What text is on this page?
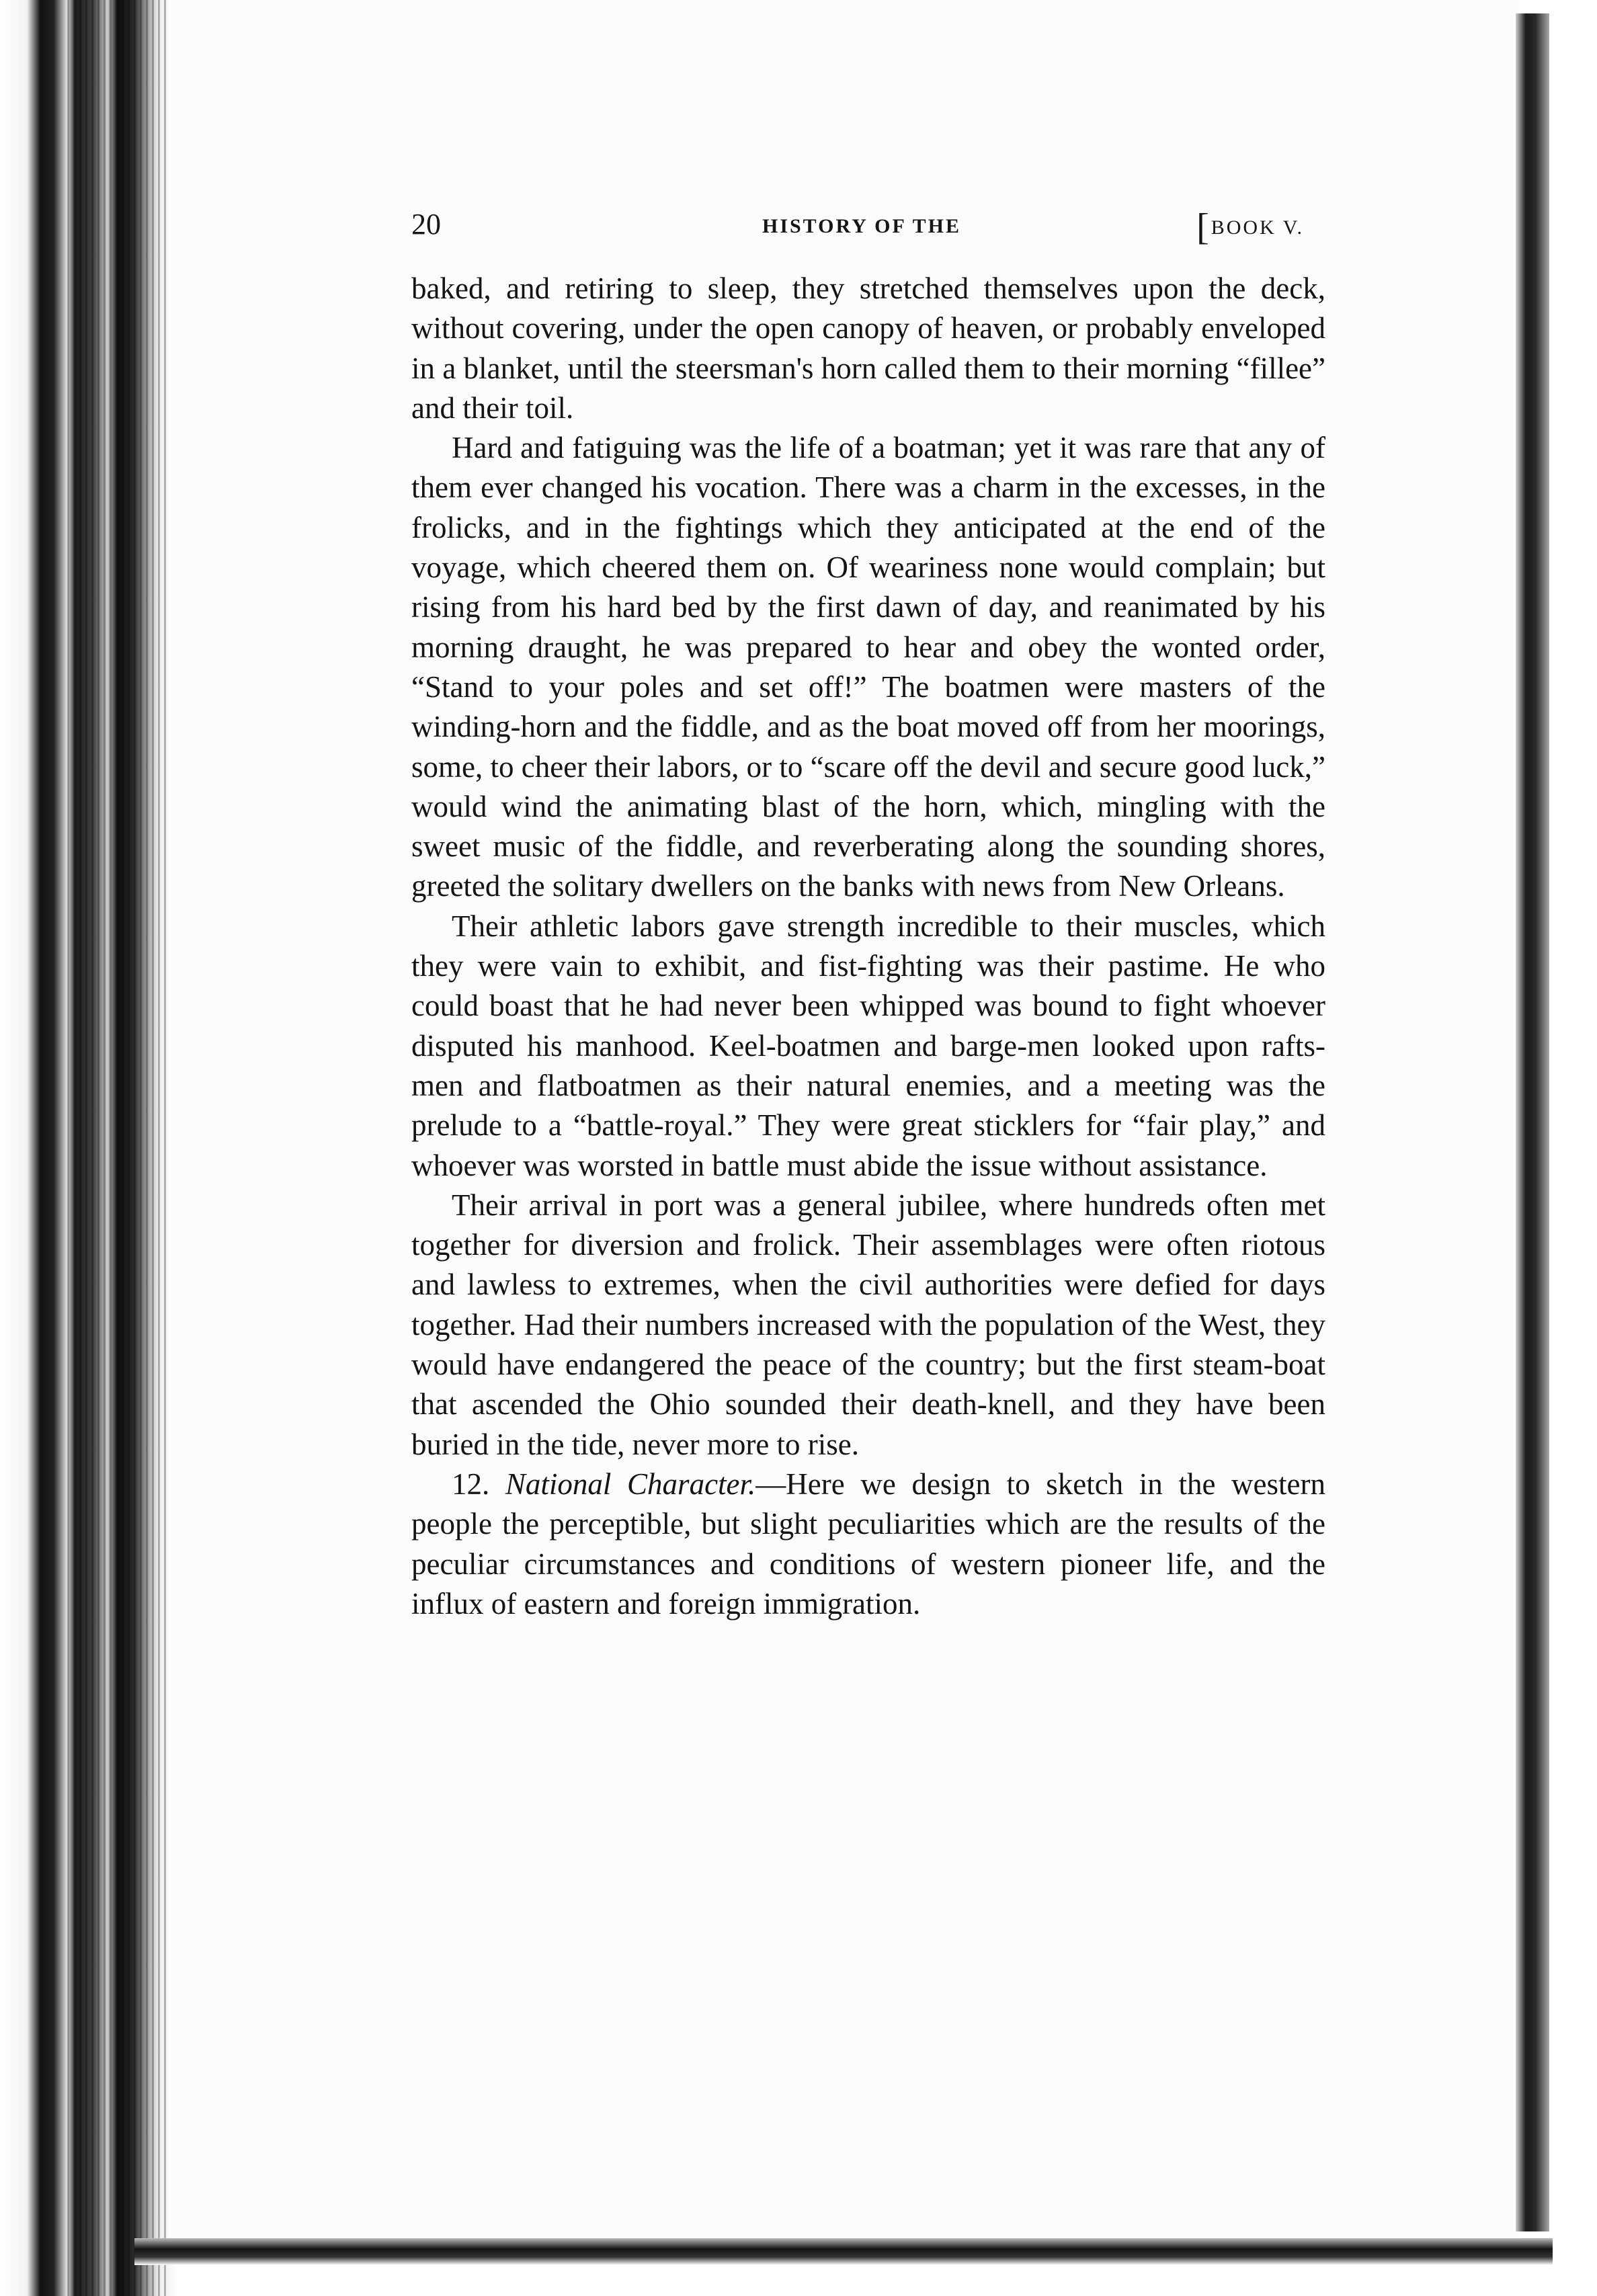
20	HISTORY OF THE	[BOOK V.

baked, and retiring to sleep, they stretched themselves upon the deck, without covering, under the open canopy of heaven, or probably enveloped in a blanket, until the steersman's horn called them to their morning “fillee” and their toil.

Hard and fatiguing was the life of a boatman; yet it was rare that any of them ever changed his vocation. There was a charm in the excesses, in the frolicks, and in the fightings which they anticipated at the end of the voyage, which cheered them on. Of weariness none would complain; but rising from his hard bed by the first dawn of day, and reanimated by his morning draught, he was prepared to hear and obey the wonted order, “Stand to your poles and set off!” The boatmen were masters of the winding-horn and the fiddle, and as the boat moved off from her moorings, some, to cheer their labors, or to “scare off the devil and secure good luck,” would wind the animating blast of the horn, which, mingling with the sweet music of the fiddle, and reverberating along the sounding shores, greeted the solitary dwellers on the banks with news from New Orleans.

Their athletic labors gave strength incredible to their muscles, which they were vain to exhibit, and fist-fighting was their pastime. He who could boast that he had never been whipped was bound to fight whoever disputed his manhood. Keel-boatmen and barge-men looked upon rafts-men and flatboatmen as their natural enemies, and a meeting was the prelude to a “battle-royal.” They were great sticklers for “fair play,” and whoever was worsted in battle must abide the issue without assistance.

Their arrival in port was a general jubilee, where hundreds often met together for diversion and frolick. Their assemblages were often riotous and lawless to extremes, when the civil authorities were defied for days together. Had their numbers increased with the population of the West, they would have endangered the peace of the country; but the first steam-boat that ascended the Ohio sounded their death-knell, and they have been buried in the tide, never more to rise.

12. National Character.—Here we design to sketch in the western people the perceptible, but slight peculiarities which are the results of the peculiar circumstances and conditions of western pioneer life, and the influx of eastern and foreign immigration.
